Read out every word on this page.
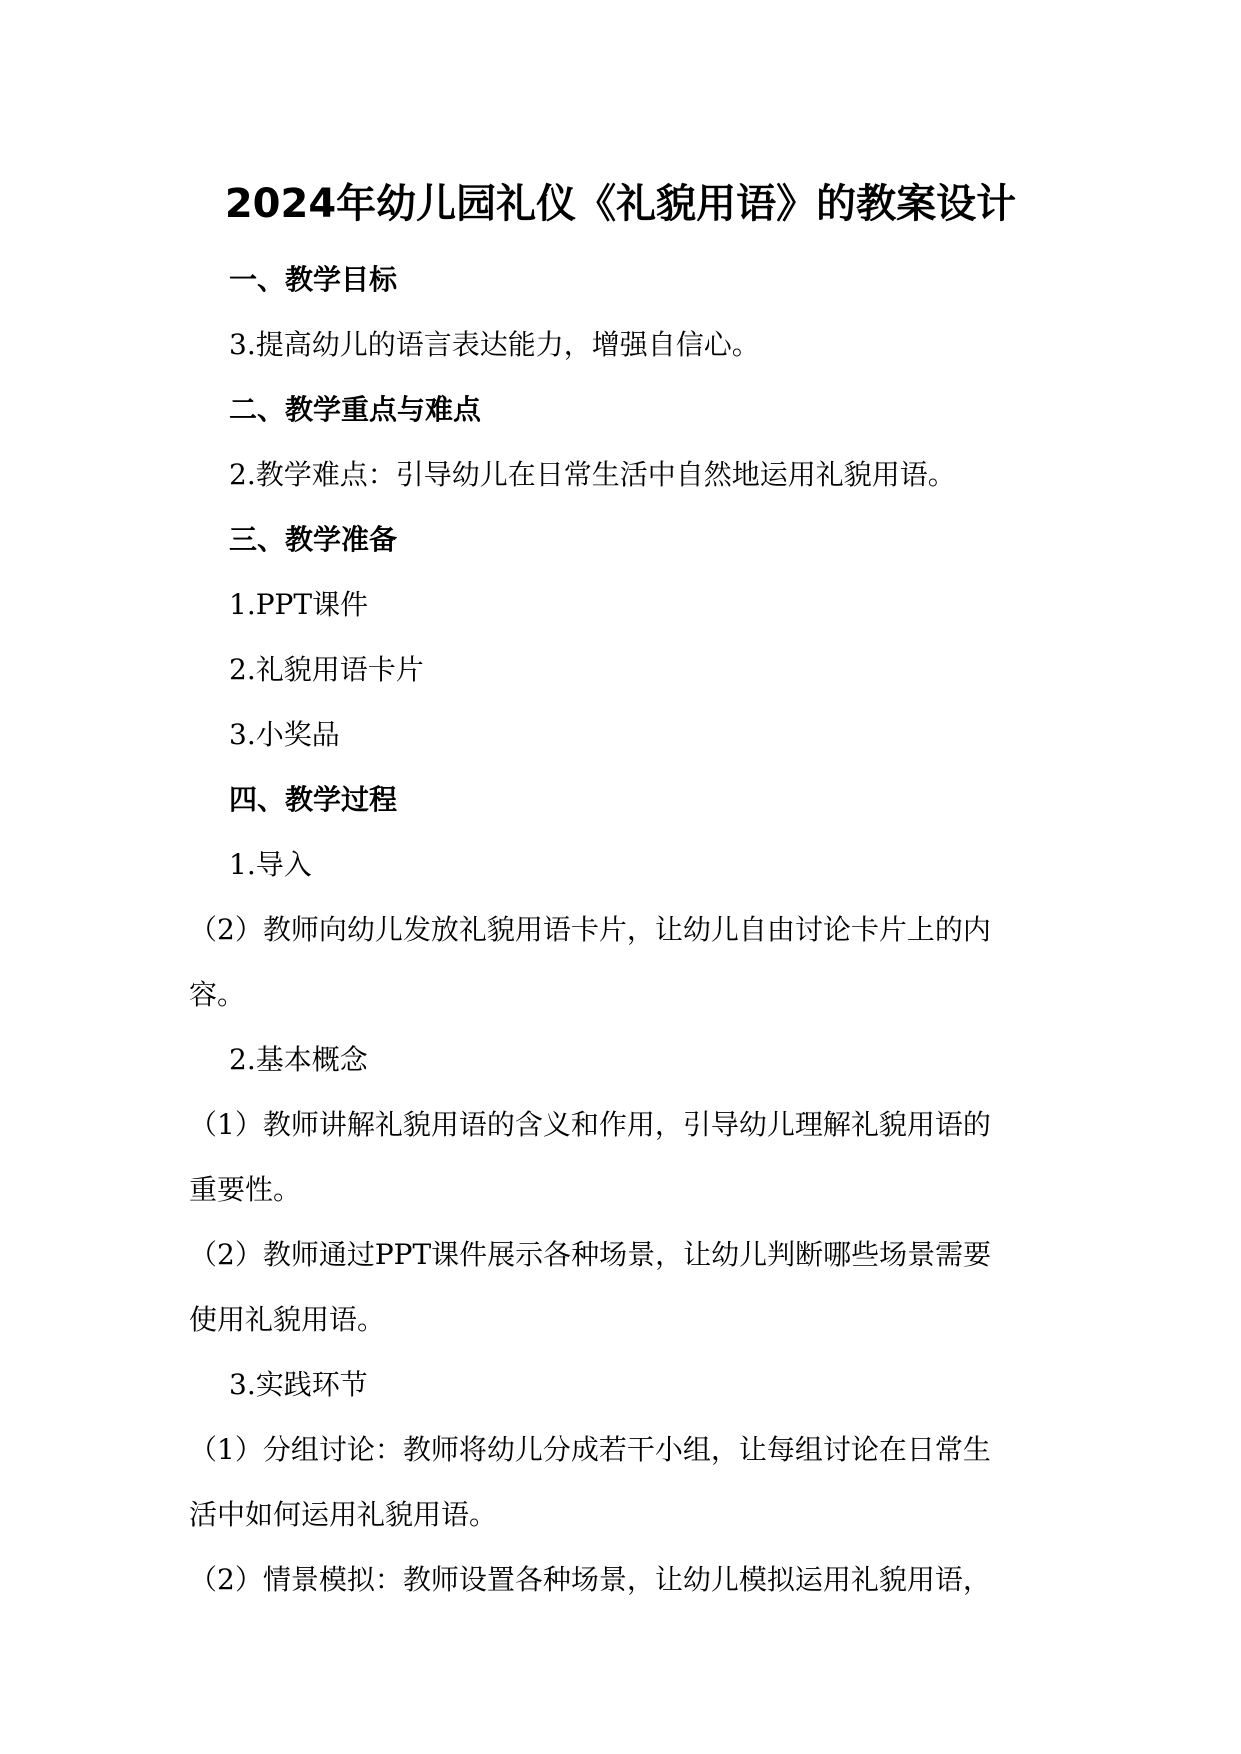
2024年幼儿园礼仪《礼貌用语》的教案设计

一、教学目标

3.提高幼儿的语言表达能力，增强自信心。

二、教学重点与难点

2.教学难点：引导幼儿在日常生活中自然地运用礼貌用语。

三、教学准备

1.PPT课件

2.礼貌用语卡片

3.小奖品

四、教学过程

1.导入

（2）教师向幼儿发放礼貌用语卡片，让幼儿自由讨论卡片上的内

容。

2.基本概念

（1）教师讲解礼貌用语的含义和作用，引导幼儿理解礼貌用语的

重要性。

（2）教师通过PPT课件展示各种场景，让幼儿判断哪些场景需要

使用礼貌用语。

3.实践环节

（1）分组讨论：教师将幼儿分成若干小组，让每组讨论在日常生

活中如何运用礼貌用语。

（2）情景模拟：教师设置各种场景，让幼儿模拟运用礼貌用语，
